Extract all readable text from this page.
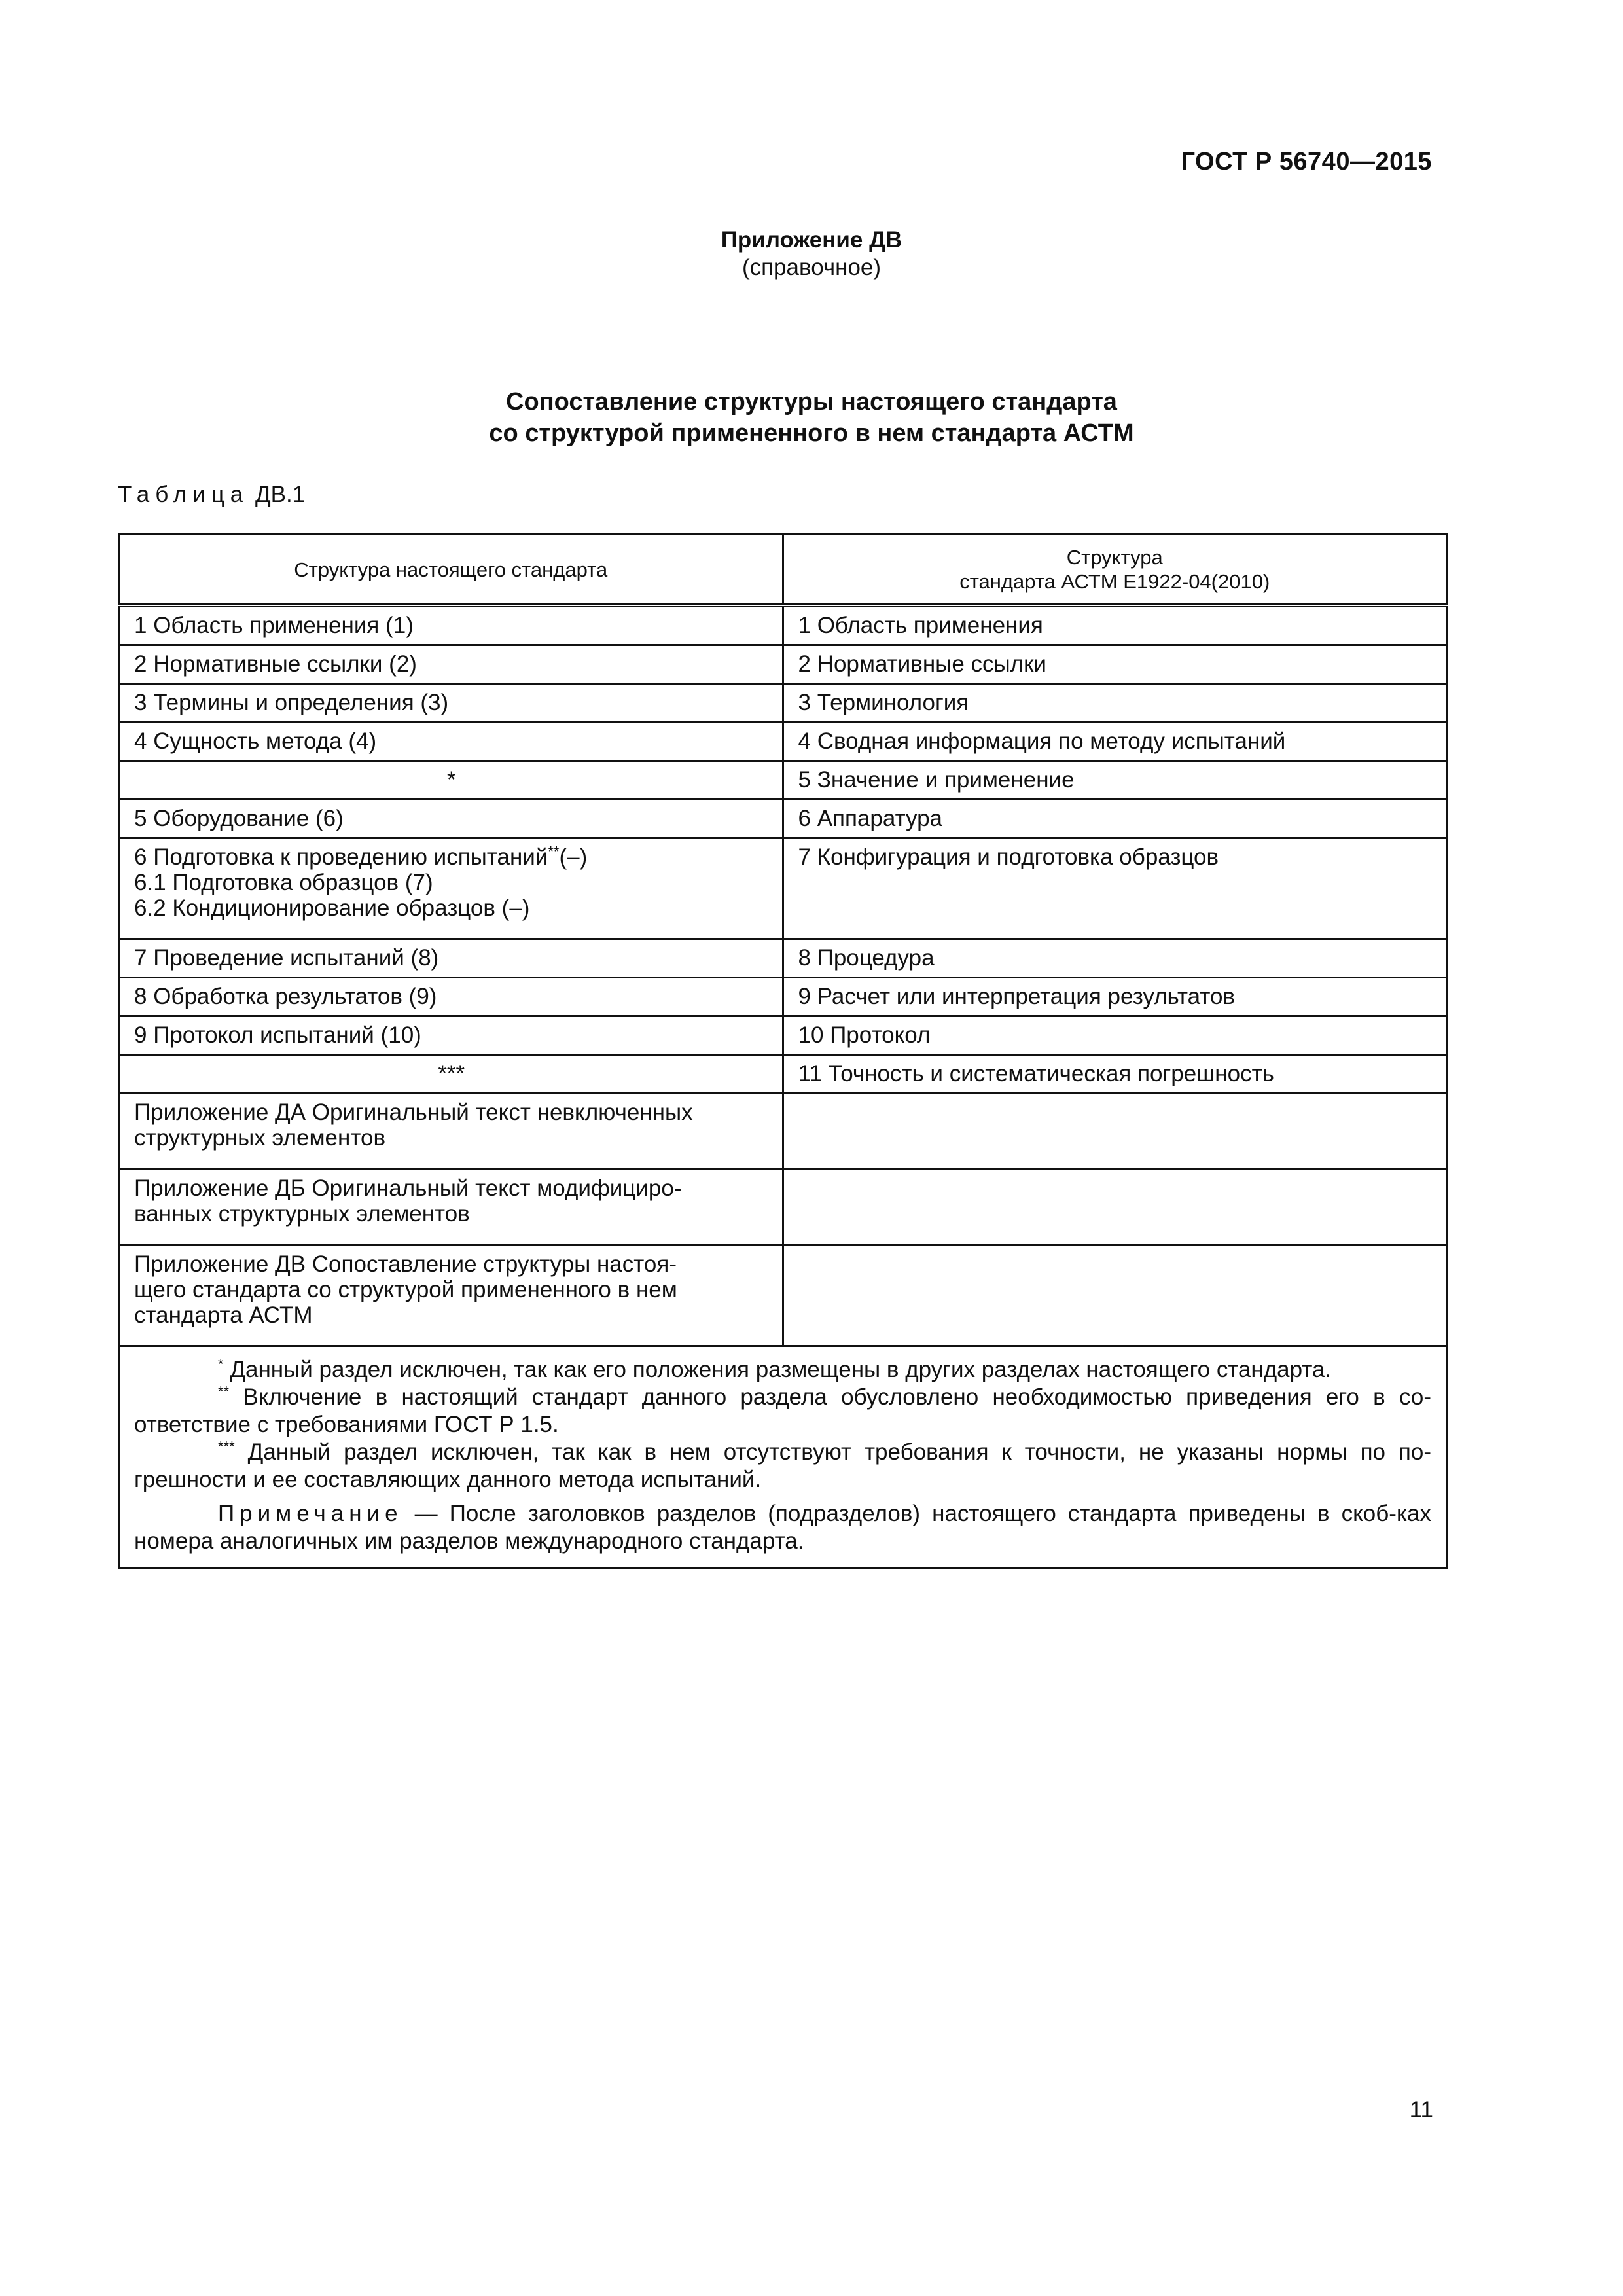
ГОСТ Р 56740—2015
Приложение ДВ
(справочное)
Сопоставление структуры настоящего стандарта
со структурой примененного в нем стандарта АСТМ
Таблица ДВ.1
Структура настоящего стандарта	Структура
стандарта АСТМ Е1922-04(2010)

1 Область применения (1)	1 Область применения
2 Нормативные ссылки (2)	2 Нормативные ссылки
3 Термины и определения (3)	3 Терминология
4 Сущность метода (4)	4 Сводная информация по методу испытаний
*	5 Значение и применение
5 Оборудование (6)	6 Аппаратура

6 Подготовка к проведению испытаний**(–)
6.1 Подготовка образцов (7)
6.2 Кондиционирование образцов (–)	7 Конфигурация и подготовка образцов
7 Проведение испытаний (8)	8 Процедура
8 Обработка результатов (9)	9 Расчет или интерпретация результатов
9 Протокол испытаний (10)	10 Протокол
***	11 Точность и систематическая погрешность

Приложение ДА Оригинальный текст невключенных
структурных элементов	

Приложение ДБ Оригинальный текст модифициро-
ванных структурных элементов	

Приложение ДВ Сопоставление структуры настоя-
щего стандарта со структурой примененного в нем
стандарта АСТМ	

* Данный раздел исключен, так как его положения размещены в других разделах настоящего стандарта.
** Включение в настоящий стандарт данного раздела обусловлено необходимостью приведения его в со-ответствие с требованиями ГОСТ Р 1.5.
*** Данный раздел исключен, так как в нем отсутствуют требования к точности, не указаны нормы по по-грешности и ее составляющих данного метода испытаний.
Примечание — После заголовков разделов (подразделов) настоящего стандарта приведены в скоб-ках номера аналогичных им разделов международного стандарта.	
11
